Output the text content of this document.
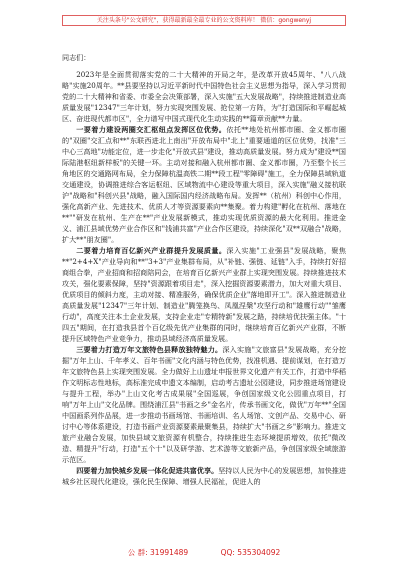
关注头条号"公文研究"，获得最新最全最专业的公文资料库！ 微信：gongwenyj

同志们：

2023年是全面贯彻落实党的二十大精神的开局之年，是改革开放45周年、"八八战略"实施20周年。**县要坚持以习近平新时代中国特色社会主义思想为指导，深入学习贯彻党的二十大精神和省委、市委全会决策部署，深入实施"五大发展战略"，持续推进制造业高质量发展"12347"三年计划，努力实现突围发展、抢位第一方阵，为"打造国际和平崛起城区、奋进现代都市区"，全力谱写中国式现代化生动实践的**篇章贡献**力量。

一要着力建设两圈交汇枢纽点发挥区位优势。依托**地处杭州都市圈、金义都市圈的"双圈"交汇点和**"东联西进北上南出"开放布局中"北上"重要通道的区位优势，找准"三中心三高地"功能定位，进一步走化"开放式县"建设，推动高质量发展。努力成为"建设**国际陆港枢纽新样板"的关键一环。主动对接和融入杭州都市圈、金义都市圈，乃至整个长三角地区的交通路网布局，全力保障杭温高铁二期**段工程"零障碍"施工，全力保障县域轨道交通建设，协调推进综合客运枢纽、区域物流中心建设等重大项目，深入实施"融义接杭联沪"战略和"科创兴县"战略，融入国际国内经济战略布局。发挥**（杭州）科创中心作用，强化高新产业、先进技术、优质人才等资源要素向**集聚。着力构建"孵化在杭州、落地在**""研发在杭州、生产在**"产业发展新模式，推动实现优质资源的最大化利用。推进金义、浦江县域优势产业合作区和"钱浦共富"产业合作区建设，持续深化"双**双融合"战略，扩大**"朋友圈"。

二要着力培育百亿新兴产业群提升发展质量。深入实施"工业强县"发展战略，聚焦**"2+4+X"产业导向和**"3+3"产业集群布局，从"补链、强链、延链"入手，持续打好招商组合拳，产业招商和招商陪同会，在培育百亿新兴产业群上实现突围发展。持续推进技术攻关，强化要素保障，坚持"资源跟着项目走"，深入挖掘资源要素潜力，加大对重大项目、优质项目的倾斜力度，主动对接、精准服务，确保优质企业"落地即开工"。深入推进制造业高质量发展"12347"三年计划、制造业"腾笼换鸟、凤凰涅槃"攻坚行动和"雄鹰行动""雏鹰行动"，高度关注本土企业发展，支持企业走"专精特新"发展之路，持续培优扶强主体。"十四五"期间，在打造我县首个百亿级先优产业集群的同时，继续培育百亿新兴产业群，不断提升区域特色产业竞争力，推动县域经济高质量发展。

三要着力打造万年文旅特色县释放独特魅力。深入实施"文旅富县"发展战略，充分挖掘"万年上山、千年孝义、百年书画"文化内涵与特色优势，找准机遇、提前谋划，在打造万年文旅特色县上实现突围发展。全力做好上山遗址申报世界文化遗产有关工作，打造中华稻作文明标志性地标，高标准完成申遗文本编制，启动考古遗址公园建设，同步推进场馆建设与提升工程，举办"上山文化考古成果展"全国巡展，争创国家级文化公园重点项目，打响"万年上山"文化品牌。围绕浦江县"书画之乡"金名片，传承书画文化，做优"万年**"全国中国画系列作品展，进一步推动书画场馆、书画培训、名人场馆、文创产品、交易中心、研讨中心等体系建设，打造书画产业资源要素最聚集县，持续扩大"书画之乡"影响力。推进文旅产业融合发展，加快县域文旅资源有机整合，持续推进生态环境提质增效，依托"微改造、精提升"行动，打造"五个十"以及研学游、艺术游等文旅新产品，争创国家级全域旅游示范区。

四要着力加快城乡发展一体化促进共富优享。坚持以人民为中心的发展思想，加快推进城乡社区现代化建设，强化民生保障、增强人民福祉，促进人的

公 群: 31991489	QQ: 535304092
